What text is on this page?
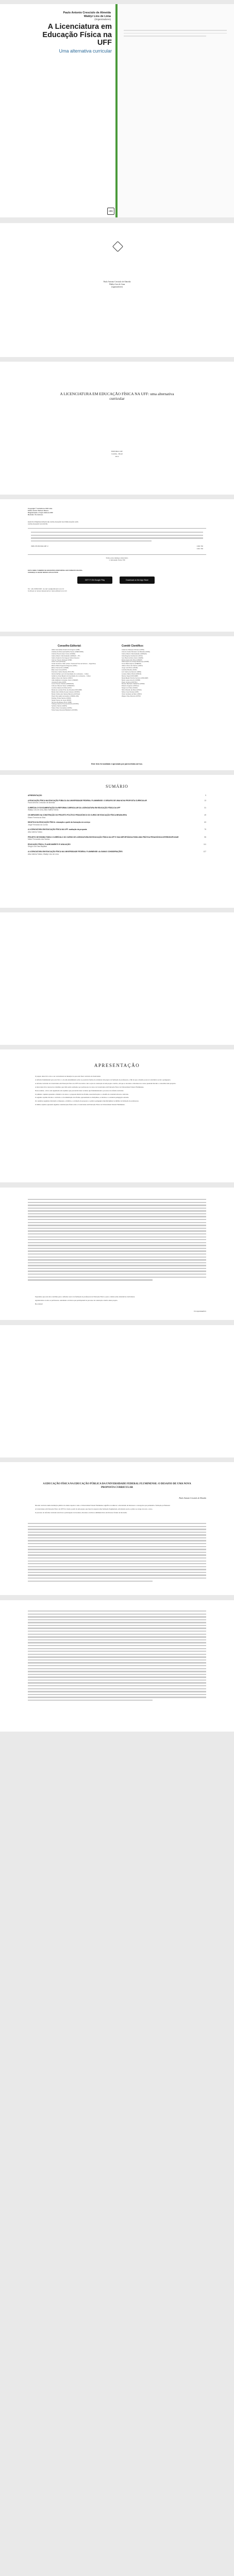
Paulo Antonio Cresciulo de Almeida
Waldyr Lins de Lima
(Organizadores)
A Licenciatura em Educação Física na UFF
Uma alternativa curricular
CRV
Paulo Antonio Cresciulo de Almeida
Waldyr Lins de Lima
(organizadores)
A LICENCIATURA EM EDUCAÇÃO FÍSICA NA UFF: uma alternativa curricular
EDITORA CRV
Curitiba - Brasil
2014
Copyright © da Editora CRV Ltda.
Editor-chefe: Railson Moura
Diagramação e Capa: Editora CRV
Revisão: Os Autores
DADOS INTERNACIONAIS DE CATALOGAÇÃO NA PUBLICAÇÃO (CIP)
CATALOGAÇÃO NA FONTE
ISBN 978-85-8042-987-3	CDD 796
CDU 796
Índice para catálogo sistemático
1. Educação Física 796
ESTA OBRA TAMBÉM SE ENCONTRA DISPONÍVEL EM FORMATO DIGITAL.
CONHEÇA E BAIXE NOSSO APLICATIVO!
GET IT ON Google Play	Download on the App Store
Tel.: (41) 3039-6418 - E-mail: sac@editoracrv.com.br
Conheça os nossos lançamentos: www.editoracrv.com.br
Conselho Editorial:	Comitê Científico:
Aldira Guimarães Duarte Domínguez (UNB)
Andréia da Silva Quintanilha Sousa (UNIR/UFRN)
Antônio Pereira Gaio Júnior (UFRRJ)
Carlos Alberto Vilar Estêvão (UMINHO – PT)
Carlos Federico Dominguez Avila (Unieuro)
Carmen Tereza Velanga (UNIR)
Celso Conti (UFSCar)
Cesar Gerónimo Tello (Univer. Nacional Três de Febrero – Argentina)
Elione Maria Nogueira Diogenes (UFAL)
Elizeu Clementino (UNEB)
Élsio José Corá (UFFS)
Francisco Carlos Duarte (PUC-PR)
Gloria Fariñas León (Universidade de La Havana – Cuba)
Guillermo Arias Beatón (Universidade de La Havana – Cuba)
Jailson Alves dos Santos (UFRJ)
João Adalberto Campato Junior (UNESP)
Josania Portela (UFPI)
Leonel Severo Rocha (UNISINOS)
Lídia de Oliveira Xavier (UNIEURO)
Lourdes Helena da Silva (UFV)
Maria de Lourdes Pinto de Almeida (UNICAMP)
Maria Lília Imbiriba Sousa Colares (UFOPA)
Maria Cristina dos Santos Bezerra (UFSCar)
Paulo Romualdo Hernandes (UNIFAL-MG)
Rodrigo Pratte-Santos (UFES)
Sérgio Nunes de Jesus (IFRO)
Simone Rodrigues Pinto (UNB)
Solange Helena Ximenes-Rocha (UFOPA)
Sydione Santos (UEPG)
Tadeu Oliver Gonçalves (UFPA)
Tania Suely Azevedo Brasileiro (UFOPA)
Anderson Marques Moraes (UFPE)
Antonio Carlos Monteiro de Miranda (UFPE)
Carlos Alberto Vilar Estêvão (UMINHO)
Célia Regina Vendramini (UFSC)
Cyro Bezerra Reis Júnior (UERN)
Eloisa Aparecida Silva (UNESP)
Gilda Aquino de Araújo Mendonça (UFRR)
Ivone Maria Aquino (UNEMAT)
Jailson Alves dos Santos (UFRJ)
Jorge Luis Ricon (UFAM)
Ludmila Mourão (UFJF)
Luiz Carlos de Alencar (UFPE)
Luciane Maria Orbell (UFRGS)
Marcos Saad (UNICAMP)
Maria Beatriz Rocha Ferreira (UNICAMP)
Mario Lopes Amorim (UFRR)
Paulo Ventura (UNITAU)
Renato Machado Saldanha (UFSM)
Roberto Augusto (UFSCar)
Sérgio Luiz Dias (UFAM)
Silvio Ricardo da Silva (UFMG)
Sidnei José Nicolau (USP)
Victor Andrade de Melo (UFRJ)
Wagner Wey Moreira (UFTM)
Este livro foi avaliado e aprovado por pareceristas ad hoc.
SUMÁRIO
APRESENTAÇÃO	9
A EDUCAÇÃO FÍSICA NA EDUCAÇÃO PÚBLICA DA UNIVERSIDADE FEDERAL FLUMINENSE: O DESAFIO DE UMA NOVA PROPOSTA CURRICULAR
Paulo Antonio Cresciulo de Almeida
13
CURRÍCULO E DOCUMENTAÇÃO DA REFORMA CURRICULAR DA LICENCIATURA EM EDUCAÇÃO FÍSICA DA UFF
Waldyr Lins de Lima; Alba Valéria Toledo
31
OS IMPASSES NA CONSTRUÇÃO DO PROJETO POLÍTICO PEDAGÓGICO DO CURSO DE EDUCAÇÃO FÍSICA BRASILEIRA
Eliane Ferreira da Silva
49
DIDÁTICA DA EDUCAÇÃO FÍSICA: educação a partir da formação em serviço
Jorge Fernando da Cunha
63
A LICENCIATURA EM EDUCAÇÃO FÍSICA NA UFF: avaliação da proposta
Alba Valéria Toledo
79
PROJETO DE ENSINO PARA O CURRÍCULO DO CURSO DE LICENCIATURA EM EDUCAÇÃO FÍSICA DA UFF E SUA IMPORTÂNCIA PARA UMA PRÁTICA PEDAGÓGICA INTERDISCIPLINAR
Mário Fernandes dos Santos
95
EDUCAÇÃO FÍSICA, PLANEJAMENTO E AVALIAÇÃO
Sérgio Luiz Dias Baptista
111
A LICENCIATURA EM EDUCAÇÃO FÍSICA NA UNIVERSIDADE FEDERAL FLUMINENSE: ALGUMAS CONSIDERAÇÕES
Alba Valéria Toledo; Waldyr Lins de Lima
127
APRESENTAÇÃO

O projeto deste livro veio a ser concretizado na intenção do que seria fazer currículo de licenciatura.

A reflexão fundamental para este livro é o de um entendimento sobre as possíveis formas de estruturar um projeto de formação de professores, a fim de que o mesmo possa ter relevância social e pedagógica.

A reforma curricular da Licenciatura em Educação Física da UFF teve início com a ação de construção de um projeto coletivo, em que os docentes e discentes dos cursos puderam discutir e consolidar uma proposta.

A ideia deste livro nasceu dos trabalhos que vêm sendo realizados por professores do curso de Licenciatura em Educação Física da Universidade Federal Fluminense.

Neste sentido, o livro está organizado em capítulos que procuram trazer as ideias que fundamentaram o processo de reforma curricular.

O primeiro capítulo apresenta o histórico do curso e a proposta inicial da reforma, suas motivações e o desafio de construir um novo currículo.

O segundo capítulo discute o currículo e a documentação da reforma, apresentando as disciplinas, os núcleos e a estrutura pedagógica adotada.

Os capítulos seguintes discutem os impasses, a didática, a avaliação da proposta e a prática pedagógica interdisciplinar no âmbito da formação de professores.

O último capítulo apresenta algumas considerações finais sobre a Licenciatura em Educação Física na Universidade Federal Fluminense.

Esperamos que esta obra contribua para a reflexão acerca da formação de professores de Educação Física e para o debate sobre alternativas curriculares.

Agradecemos a todos os professores, estudantes e técnicos que participaram do processo de construção coletiva deste projeto.

Boa leitura!

Os organizadores
A EDUCAÇÃO FÍSICA NA EDUCAÇÃO PÚBLICA DA UNIVERSIDADE FEDERAL FLUMINENSE: O DESAFIO DE UMA NOVA PROPOSTA CURRICULAR
Paulo Antonio Cresciulo de Almeida

Discutir currículo numa instituição pública de ensino superior como a Universidade Federal Fluminense significa reconhecer a diversidade de interesses e concepções que permeiam a formação profissional.

A Licenciatura em Educação Física da UFF foi criada a partir de um projeto que buscava superar uma formação fragmentada, articulando teoria e prática ao longo de todo o curso.

O processo de reforma curricular envolveu a participação de docentes, discentes e técnicos administrativos em diversos fóruns de discussão.
